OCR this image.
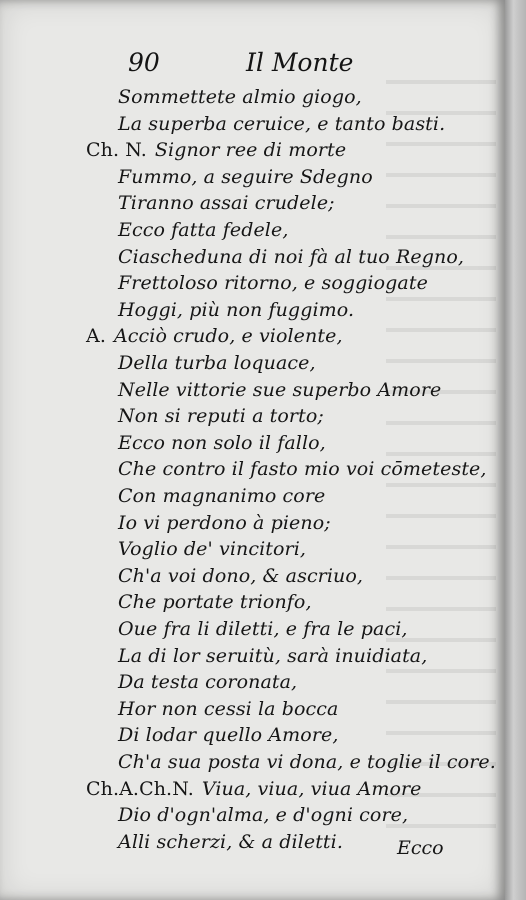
90	Il Monte
Sommettete almio giogo,
La superba ceruice, e tanto basti.
Ch. N. Signor ree di morte
Fummo, a seguire Sdegno
Tiranno assai crudele;
Ecco fatta fedele,
Ciascheduna di noi fà al tuo Regno,
Frettoloso ritorno, e soggiogate
Hoggi, più non fuggimo.
A. Acciò crudo, e violente,
Della turba loquace,
Nelle vittorie sue superbo Amore
Non si reputi a torto;
Ecco non solo il fallo,
Che contro il fasto mio voi cōmeteste,
Con magnanimo core
Io vi perdono à pieno;
Voglio de' vincitori,
Ch'a voi dono, & ascriuo,
Che portate trionfo,
Oue fra li diletti, e fra le paci,
La di lor seruitù, sarà inuidiata,
Da testa coronata,
Hor non cessi la bocca
Di lodar quello Amore,
Ch'a sua posta vi dona, e toglie il core.
Ch.A.Ch.N. Viua, viua, viua Amore
Dio d'ogn'alma, e d'ogni core,
Alli scherzi, & a diletti.	Ecco
